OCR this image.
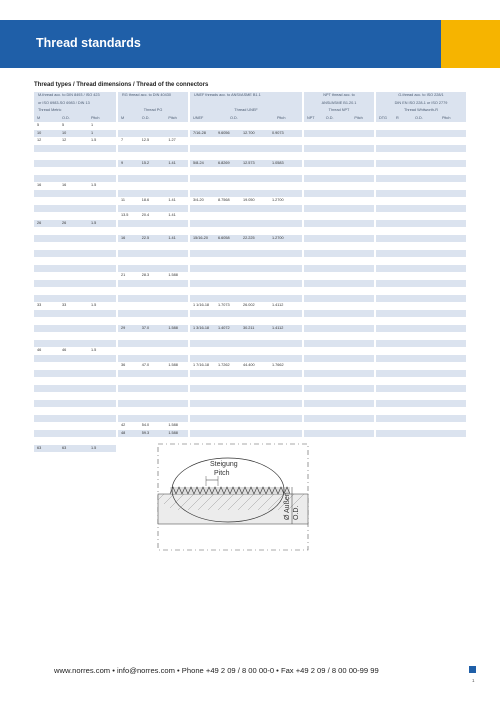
Thread standards
Thread types / Thread dimensions / Thread of the connectors
M-thread acc. to DIN 8493 / ISO 423
or ISO 6983-SO 6983 / DIN 13
Thread Metric
M	O.D.	Pitch
5	5	1
10	10	1
12	12	1.5
16	16	1.5
26	26	1.5
33	33	1.5
46	46	1.5
63	63	1.5
RG thread acc. to DIN 40430
Thread PG
M	O.D.	Pitch
7	12.5	1.27
9	15.2	1.41
11	18.6	1.41
13.5	20.4	1.41
16	22.5	1.41
21	28.3	1.588
29	37.0	1.588
36	47.0	1.588
42	54.0	1.588
48	59.3	1.588
UNEF threads acc. to ANSI/ASME B1.1
Thread UNEF
UNEF	O.D.	Pitch
7/16-28	9.6056	12.700	0.9073
5/8-24	6.8269	12.573	1.0583
3/4-20	8.7568	19.050	1.2700
15/16-20	6.6058	22.225	1.2700
1 1/16-18	1.7073	26.002	1.4112
1 3/16-18	1.4072	30.211	1.4112
1 7/16-18	1.7262	44.400	1.7662
NPT thread acc. to
ANSI/ASME B1.20.1
Thread NPT
NPT	O.D.	Pitch
G-thread acc. to ISO 228/1
DIN EN ISO 228-1 or ISO 2779
Thread Whitworth-R
DTG	R	O.D.	Pitch
Steigung
Pitch
Ø Außen O.D.
www.norres.com • info@norres.com • Phone +49 2 09 / 8 00 00-0 • Fax +49 2 09 / 8 00 00-99 99
1
